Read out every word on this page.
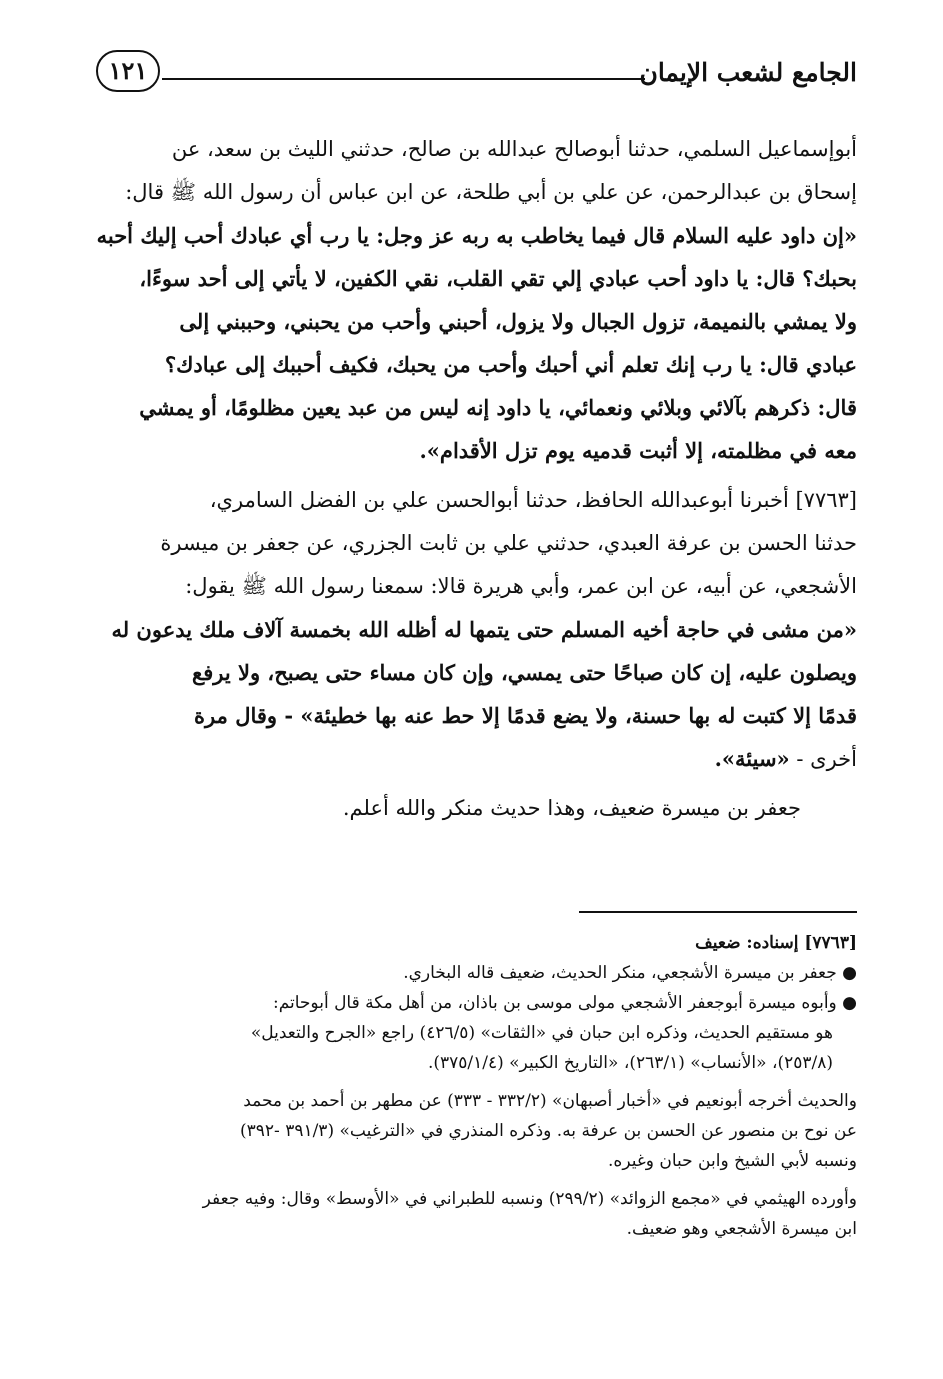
الجامع لشعب الإيمان
١٢١
أبوإسماعيل السلمي، حدثنا أبوصالح عبدالله بن صالح، حدثني الليث بن سعد، عن
إسحاق بن عبدالرحمن، عن علي بن أبي طلحة، عن ابن عباس أن رسول الله ﷺ قال:
«إن داود عليه السلام قال فيما يخاطب به ربه عز وجل: يا رب أي عبادك أحب إليك أحبه
بحبك؟ قال: يا داود أحب عبادي إلي تقي القلب، نقي الكفين، لا يأتي إلى أحد سوءًا،
ولا يمشي بالنميمة، تزول الجبال ولا يزول، أحبني وأحب من يحبني، وحببني إلى
عبادي قال: يا رب إنك تعلم أني أحبك وأحب من يحبك، فكيف أحببك إلى عبادك؟
قال: ذكرهم بآلائي وبلائي ونعمائي، يا داود إنه ليس من عبد يعين مظلومًا، أو يمشي
معه في مظلمته، إلا أثبت قدميه يوم تزل الأقدام».
[٧٧٦٣] أخبرنا أبوعبدالله الحافظ، حدثنا أبوالحسن علي بن الفضل السامري،
حدثنا الحسن بن عرفة العبدي، حدثني علي بن ثابت الجزري، عن جعفر بن ميسرة
الأشجعي، عن أبيه، عن ابن عمر، وأبي هريرة قالا: سمعنا رسول الله ﷺ يقول:
«من مشى في حاجة أخيه المسلم حتى يتمها له أظله الله بخمسة آلاف ملك يدعون له
ويصلون عليه، إن كان صباحًا حتى يمسي، وإن كان مساء حتى يصبح، ولا يرفع
قدمًا إلا كتبت له بها حسنة، ولا يضع قدمًا إلا حط عنه بها خطيئة» - وقال مرة
أخرى - «سيئة».
جعفر بن ميسرة ضعيف، وهذا حديث منكر والله أعلم.
[٧٧٦٣] إسناده: ضعيف
● جعفر بن ميسرة الأشجعي، منكر الحديث، ضعيف قاله البخاري.
● وأبوه ميسرة أبوجعفر الأشجعي مولى موسى بن باذان، من أهل مكة قال أبوحاتم:
هو مستقيم الحديث، وذكره ابن حبان في «الثقات» (٤٢٦/٥) راجع «الجرح والتعديل»
(٢٥٣/٨)، «الأنساب» (٢٦٣/١)، «التاريخ الكبير» (٣٧٥/١/٤).
والحديث أخرجه أبونعيم في «أخبار أصبهان» (٣٣٢/٢ - ٣٣٣) عن مطهر بن أحمد بن محمد
عن نوح بن منصور عن الحسن بن عرفة به. وذكره المنذري في «الترغيب» (٣٩١/٣ -٣٩٢)
ونسبه لأبي الشيخ وابن حبان وغيره.
وأورده الهيثمي في «مجمع الزوائد» (٢٩٩/٢) ونسبه للطبراني في «الأوسط» وقال: وفيه جعفر
ابن ميسرة الأشجعي وهو ضعيف.
